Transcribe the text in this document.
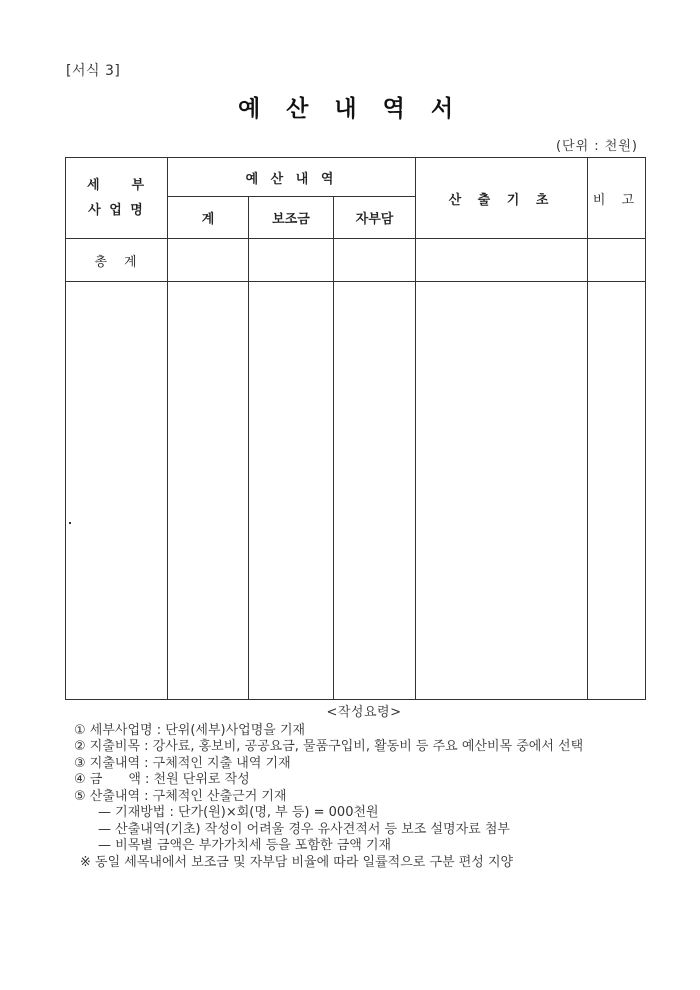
[서식 3]
예 산 내 역 서
(단위 : 천원)
세　　부
사 업 명	예 산 내 역			산 출 기 초	비 고
	계	보조금	자부담		
총　계					

<작성요령>
① 세부사업명 : 단위(세부)사업명을 기재
② 지출비목 : 강사료, 홍보비, 공공요금, 물품구입비, 활동비 등 주요 예산비목 중에서 선택
③ 지출내역 : 구체적인 지출 내역 기재
④ 금　　액 : 천원 단위로 작성
⑤ 산출내역 : 구체적인 산출근거 기재
— 기재방법 : 단가(원)×회(명, 부 등) = 000천원
— 산출내역(기초) 작성이 어려울 경우 유사견적서 등 보조 설명자료 첨부
— 비목별 금액은 부가가치세 등을 포함한 금액 기재
※ 동일 세목내에서 보조금 및 자부담 비율에 따라 일률적으로 구분 편성 지양
